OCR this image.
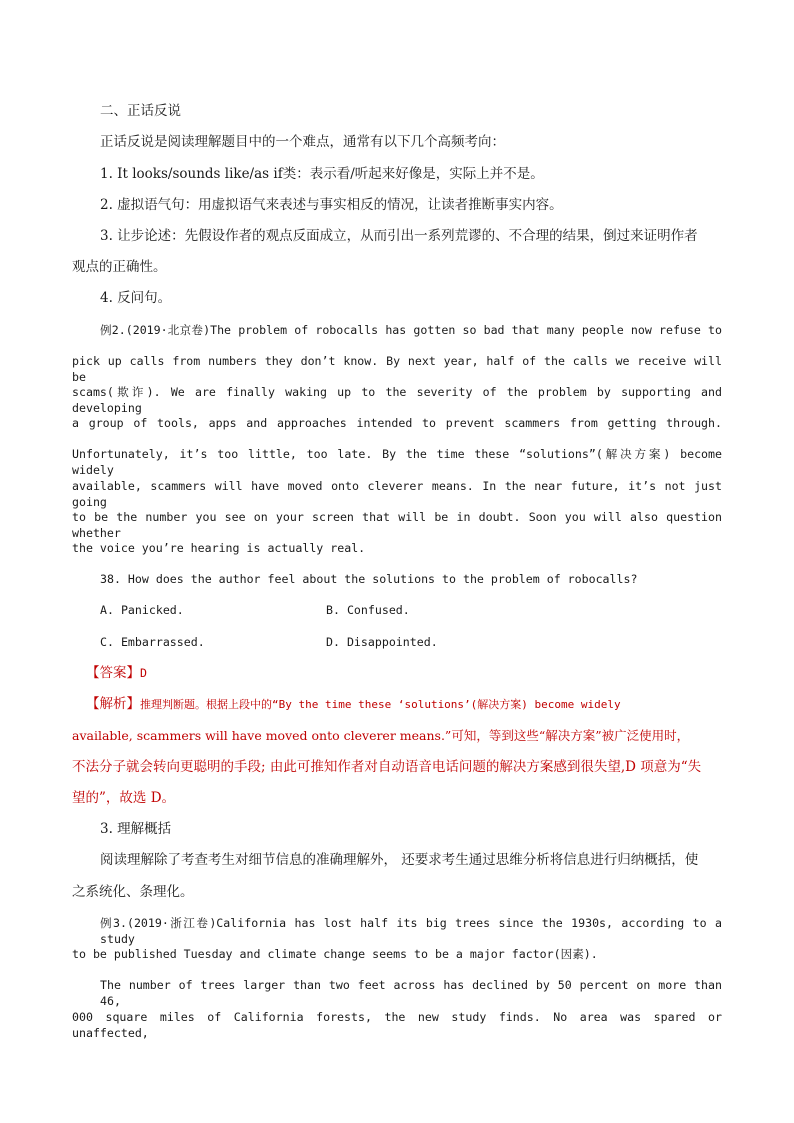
二、正话反说
正话反说是阅读理解题目中的一个难点，通常有以下几个高频考向：
1. It looks/sounds like/as if类：表示看/听起来好像是，实际上并不是。
2. 虚拟语气句：用虚拟语气来表述与事实相反的情况，让读者推断事实内容。
3. 让步论述：先假设作者的观点反面成立，从而引出一系列荒谬的、不合理的结果，倒过来证明作者
观点的正确性。
4. 反问句。
例2.(2019·北京卷)The problem of robocalls has gotten so bad that many people now refuse to
pick up calls from numbers they don’t know. By next year, half of the calls we receive will be
scams(欺诈). We are finally waking up to the severity of the problem by supporting and developing
a group of tools, apps and approaches intended to prevent scammers from getting through.
Unfortunately, it’s too little, too late. By the time these “solutions”(解决方案) become widely
available, scammers will have moved onto cleverer means. In the near future, it’s not just going
to be the number you see on your screen that will be in doubt. Soon you will also question whether
the voice you’re hearing is actually real.
38. How does the author feel about the solutions to the problem of robocalls?
A. Panicked.	B. Confused.
C. Embarrassed.	D. Disappointed.
【答案】D
【解析】推理判断题。根据上段中的“By the time these ‘solutions’(解决方案) become widely
available, scammers will have moved onto cleverer means.”可知，等到这些“解决方案”被广泛使用时，
不法分子就会转向更聪明的手段; 由此可推知作者对自动语音电话问题的解决方案感到很失望,D 项意为“失
望的”，故选 D。
3. 理解概括
阅读理解除了考查考生对细节信息的准确理解外， 还要求考生通过思维分析将信息进行归纳概括，使
之系统化、条理化。
例3.(2019·浙江卷)California has lost half its big trees since the 1930s, according to a study
to be published Tuesday and climate change seems to be a major factor(因素).
The number of trees larger than two feet across has declined by 50 percent on more than 46,
000 square miles of California forests, the new study finds. No area was spared or unaffected,
